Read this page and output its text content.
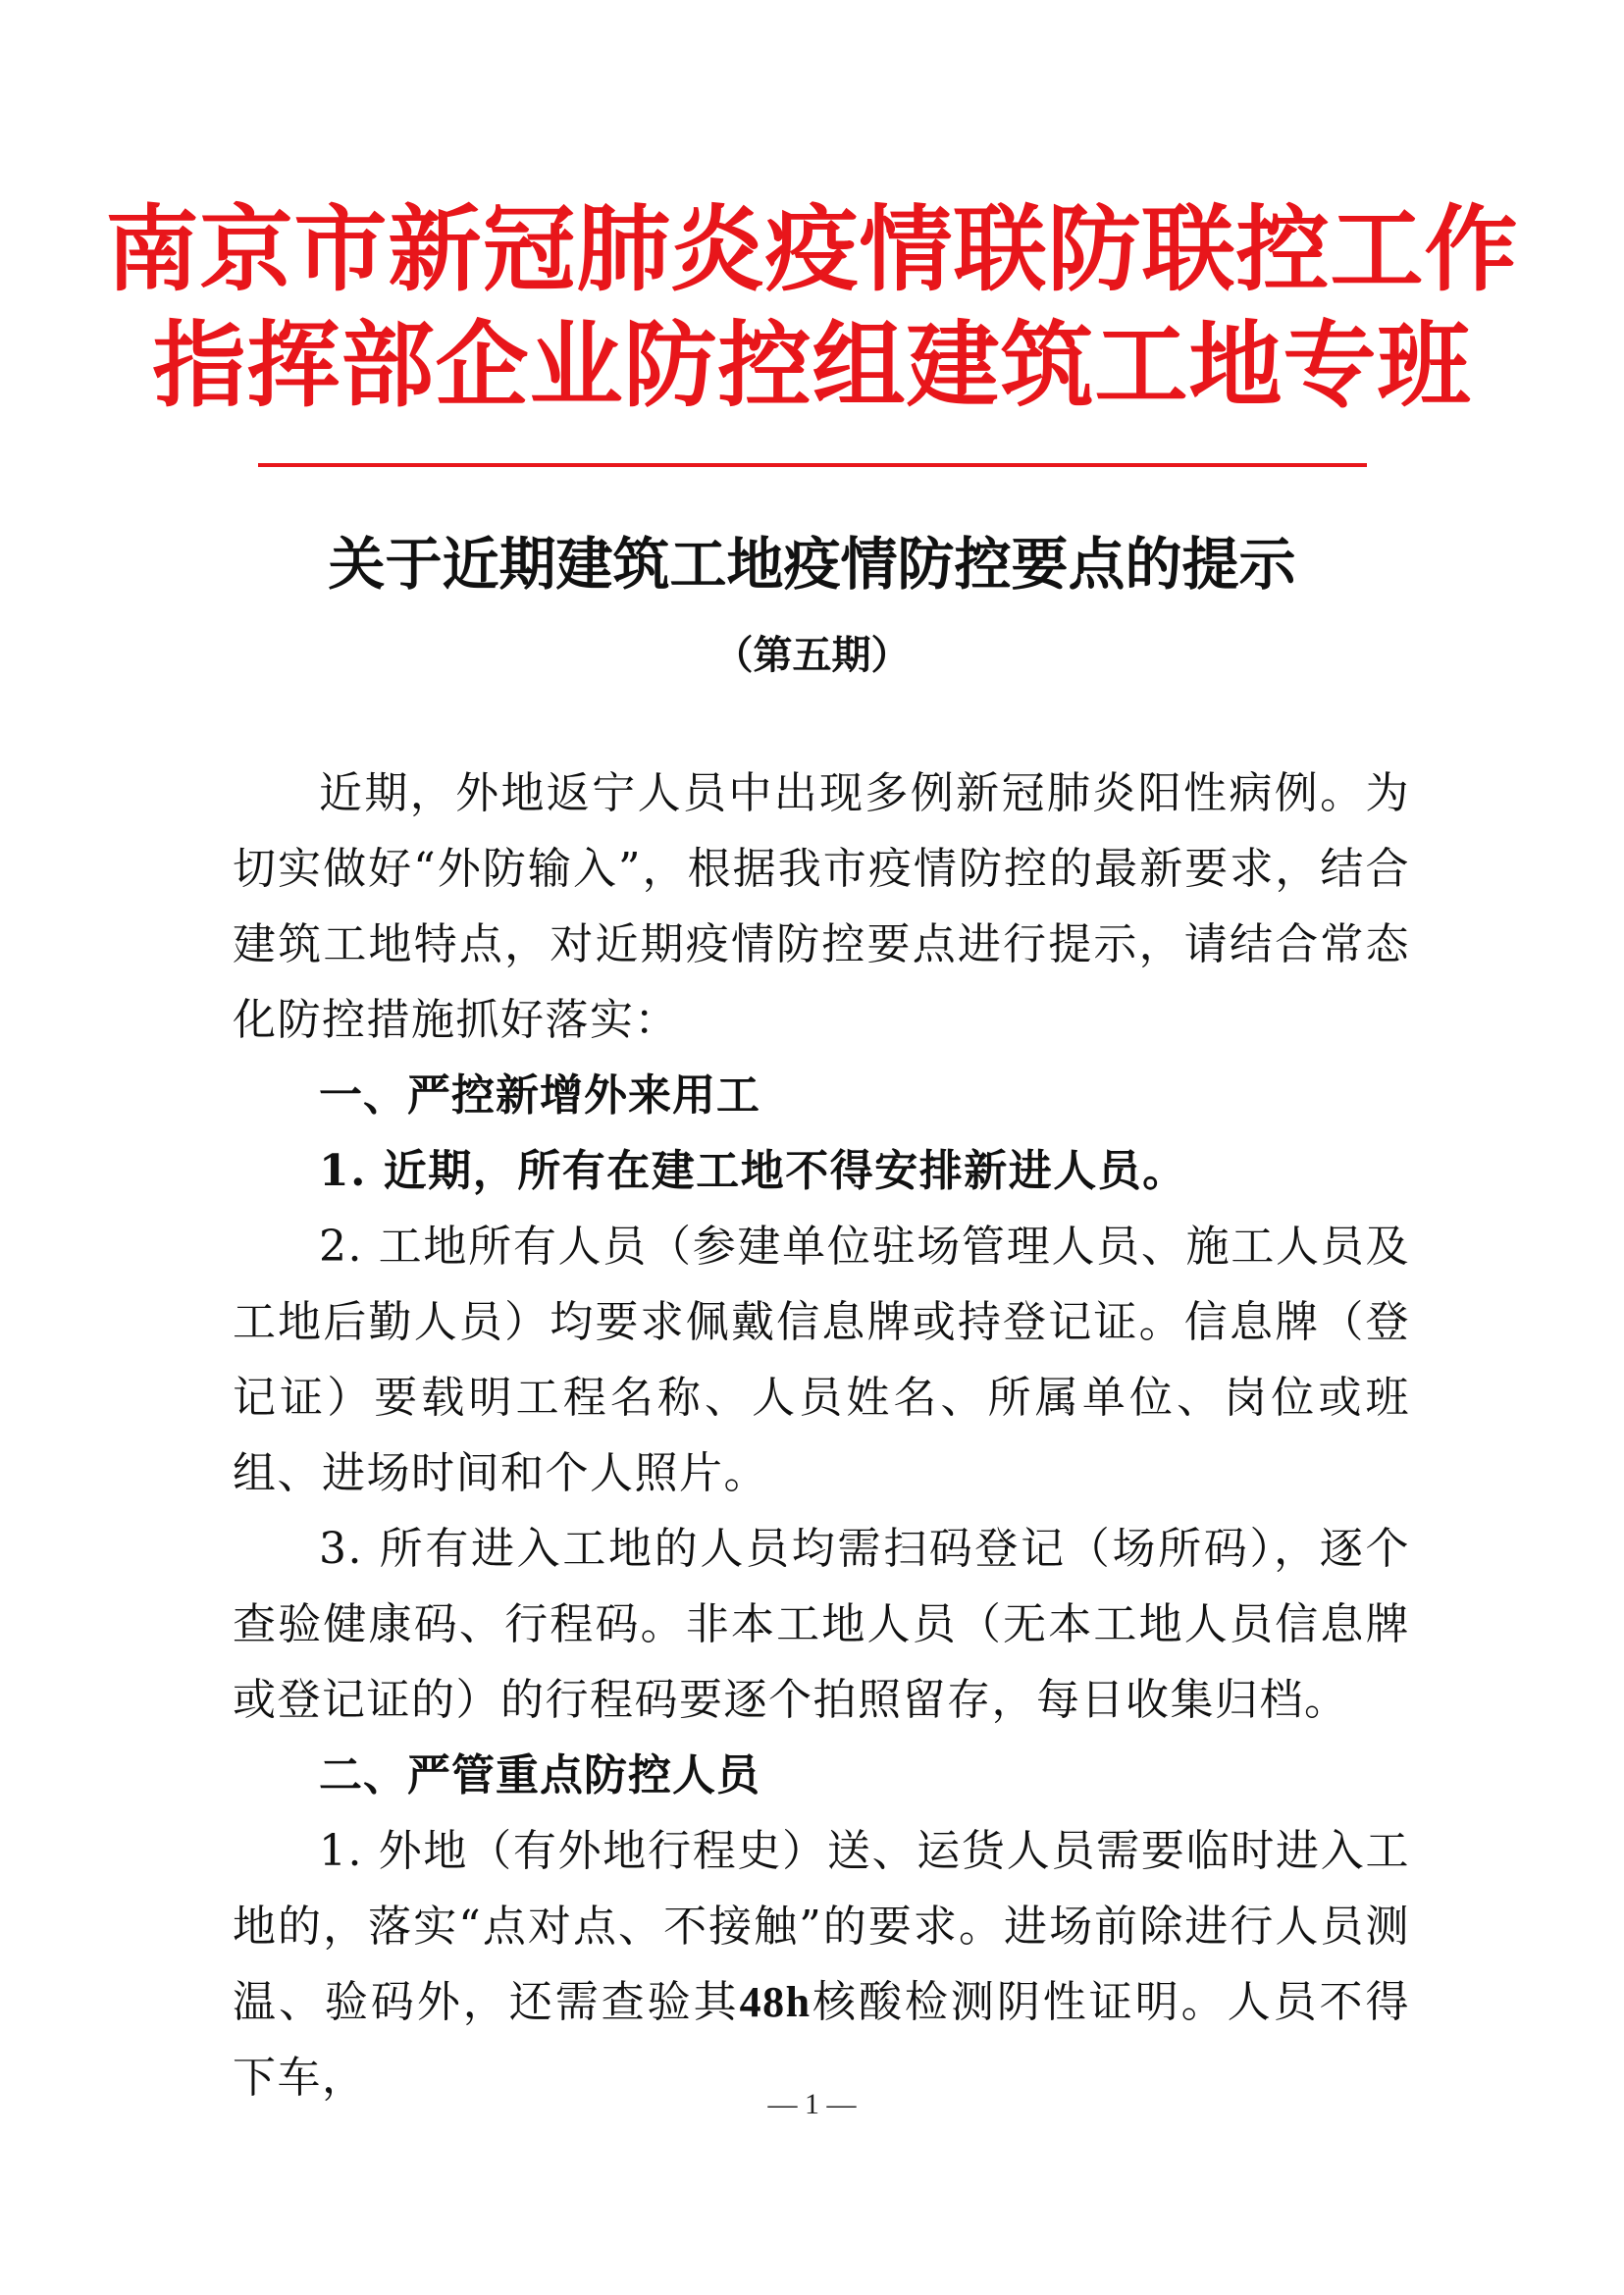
南京市新冠肺炎疫情联防联控工作
指挥部企业防控组建筑工地专班
关于近期建筑工地疫情防控要点的提示
（第五期）

近期，外地返宁人员中出现多例新冠肺炎阳性病例。为切实做好“外防输入”，根据我市疫情防控的最新要求，结合建筑工地特点，对近期疫情防控要点进行提示，请结合常态化防控措施抓好落实：

一、严控新增外来用工

1. 近期，所有在建工地不得安排新进人员。

2. 工地所有人员（参建单位驻场管理人员、施工人员及工地后勤人员）均要求佩戴信息牌或持登记证。信息牌（登记证）要载明工程名称、人员姓名、所属单位、岗位或班组、进场时间和个人照片。

3. 所有进入工地的人员均需扫码登记（场所码），逐个查验健康码、行程码。非本工地人员（无本工地人员信息牌或登记证的）的行程码要逐个拍照留存，每日收集归档。

二、严管重点防控人员

1. 外地（有外地行程史）送、运货人员需要临时进入工地的，落实“点对点、不接触”的要求。进场前除进行人员测温、验码外，还需查验其48h核酸检测阴性证明。人员不得下车，

— 1 —
